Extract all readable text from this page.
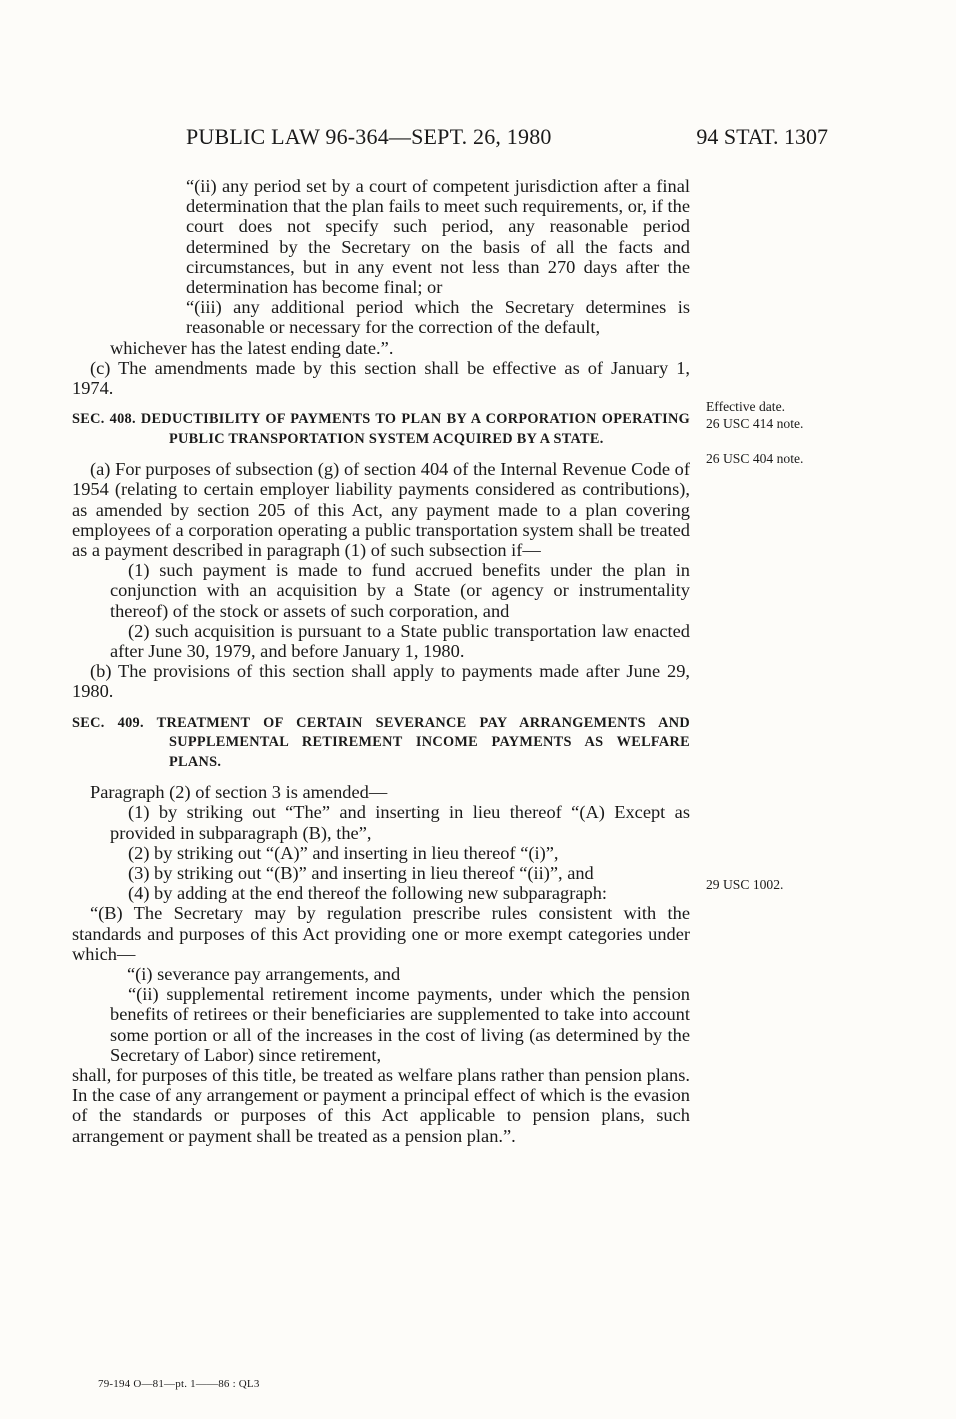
PUBLIC LAW 96-364—SEPT. 26, 1980	94 STAT. 1307

“(ii) any period set by a court of competent jurisdiction after a final determination that the plan fails to meet such requirements, or, if the court does not specify such period, any reasonable period determined by the Secretary on the basis of all the facts and circumstances, but in any event not less than 270 days after the determination has become final; or

“(iii) any additional period which the Secretary determines is reasonable or necessary for the correction of the default,

whichever has the latest ending date.”.

(c) The amendments made by this section shall be effective as of January 1, 1974.

SEC. 408. DEDUCTIBILITY OF PAYMENTS TO PLAN BY A CORPORATION OPERATING PUBLIC TRANSPORTATION SYSTEM ACQUIRED BY A STATE.

(a) For purposes of subsection (g) of section 404 of the Internal Revenue Code of 1954 (relating to certain employer liability payments considered as contributions), as amended by section 205 of this Act, any payment made to a plan covering employees of a corporation operating a public transportation system shall be treated as a payment described in paragraph (1) of such subsection if—

(1) such payment is made to fund accrued benefits under the plan in conjunction with an acquisition by a State (or agency or instrumentality thereof) of the stock or assets of such corporation, and

(2) such acquisition is pursuant to a State public transportation law enacted after June 30, 1979, and before January 1, 1980.

(b) The provisions of this section shall apply to payments made after June 29, 1980.

SEC. 409. TREATMENT OF CERTAIN SEVERANCE PAY ARRANGEMENTS AND SUPPLEMENTAL RETIREMENT INCOME PAYMENTS AS WELFARE PLANS.

Paragraph (2) of section 3 is amended—

(1) by striking out “The” and inserting in lieu thereof “(A) Except as provided in subparagraph (B), the”,

(2) by striking out “(A)” and inserting in lieu thereof “(i)”,

(3) by striking out “(B)” and inserting in lieu thereof “(ii)”, and

(4) by adding at the end thereof the following new subparagraph:

“(B) The Secretary may by regulation prescribe rules consistent with the standards and purposes of this Act providing one or more exempt categories under which—

“(i) severance pay arrangements, and

“(ii) supplemental retirement income payments, under which the pension benefits of retirees or their beneficiaries are supplemented to take into account some portion or all of the increases in the cost of living (as determined by the Secretary of Labor) since retirement,

shall, for purposes of this title, be treated as welfare plans rather than pension plans. In the case of any arrangement or payment a principal effect of which is the evasion of the standards or purposes of this Act applicable to pension plans, such arrangement or payment shall be treated as a pension plan.”.

Effective date.
26 USC 414 note.
26 USC 404 note.
29 USC 1002.
79-194 O—81—pt. 1——86 : QL3
